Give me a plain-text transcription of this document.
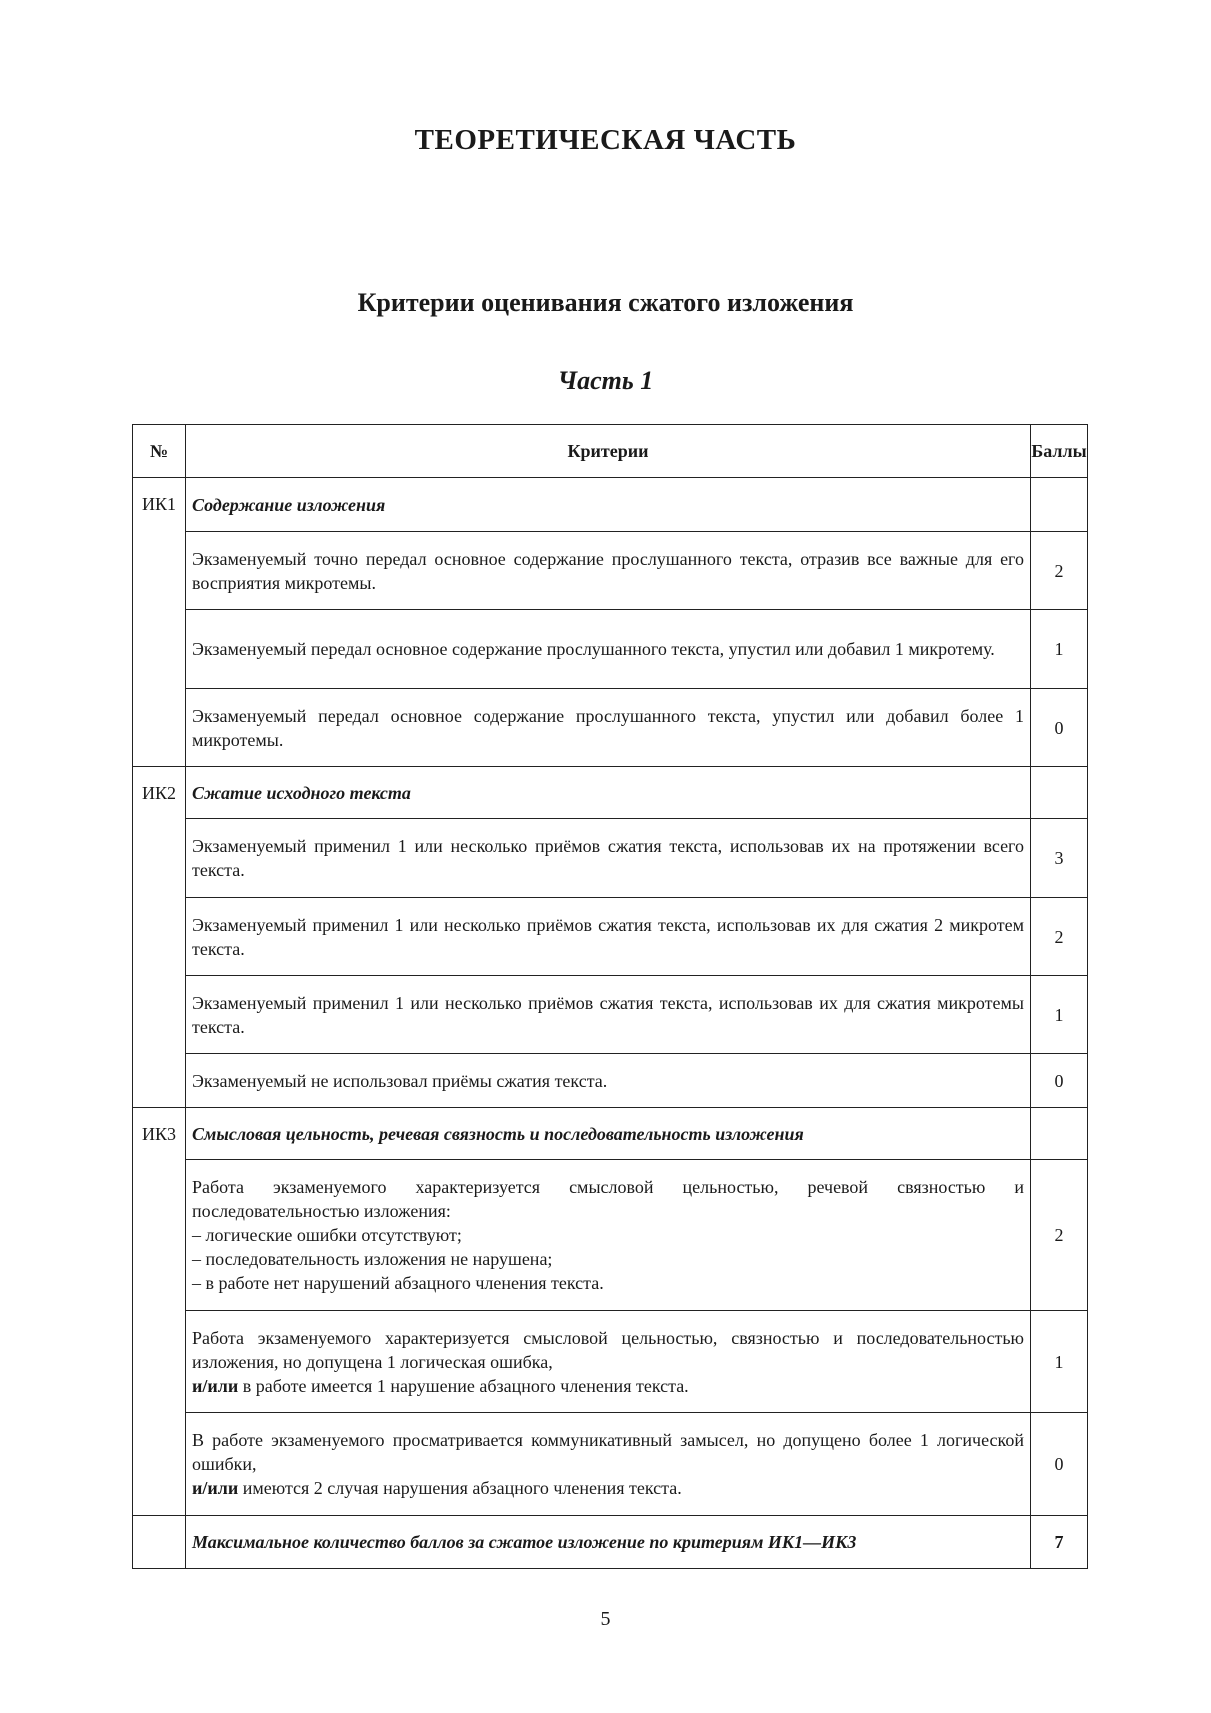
ТЕОРЕТИЧЕСКАЯ ЧАСТЬ
Критерии оценивания сжатого изложения
Часть 1
№	Критерии	Баллы
ИК1	Содержание изложения	

	Экзаменуемый точно передал основное содержание прослушанного текста, отразив все важные для его восприятия микротемы.	2

	Экзаменуемый передал основное содержание прослушанного текста, упустил или добавил 1 микротему.	1

	Экзаменуемый передал основное содержание прослушанного текста, упустил или добавил более 1 микротемы.	0
ИК2	Сжатие исходного текста	

	Экзаменуемый применил 1 или несколько приёмов сжатия текста, использовав их на протяжении всего текста.	3

	Экзаменуемый применил 1 или несколько приёмов сжатия текста, использовав их для сжатия 2 микротем текста.	2

	Экзаменуемый применил 1 или несколько приёмов сжатия текста, использовав их для сжатия микротемы текста.	1

	Экзаменуемый не использовал приёмы сжатия текста.	0
ИК3	Смысловая цельность, речевая связность и последовательность изложения	

	Работа экзаменуемого характеризуется смысловой цельностью, речевой связностью и последовательностью изложения:
– логические ошибки отсутствуют;
– последовательность изложения не нарушена;
– в работе нет нарушений абзацного членения текста.	2

	Работа экзаменуемого характеризуется смысловой цельностью, связностью и последовательностью изложения, но допущена 1 логическая ошибка,
и/или в работе имеется 1 нарушение абзацного членения текста.	1

	В работе экзаменуемого просматривается коммуникативный замысел, но допущено более 1 логической ошибки,
и/или имеются 2 случая нарушения абзацного членения текста.	0
	Максимальное количество баллов за сжатое изложение по критериям ИК1—ИК3	7
5
